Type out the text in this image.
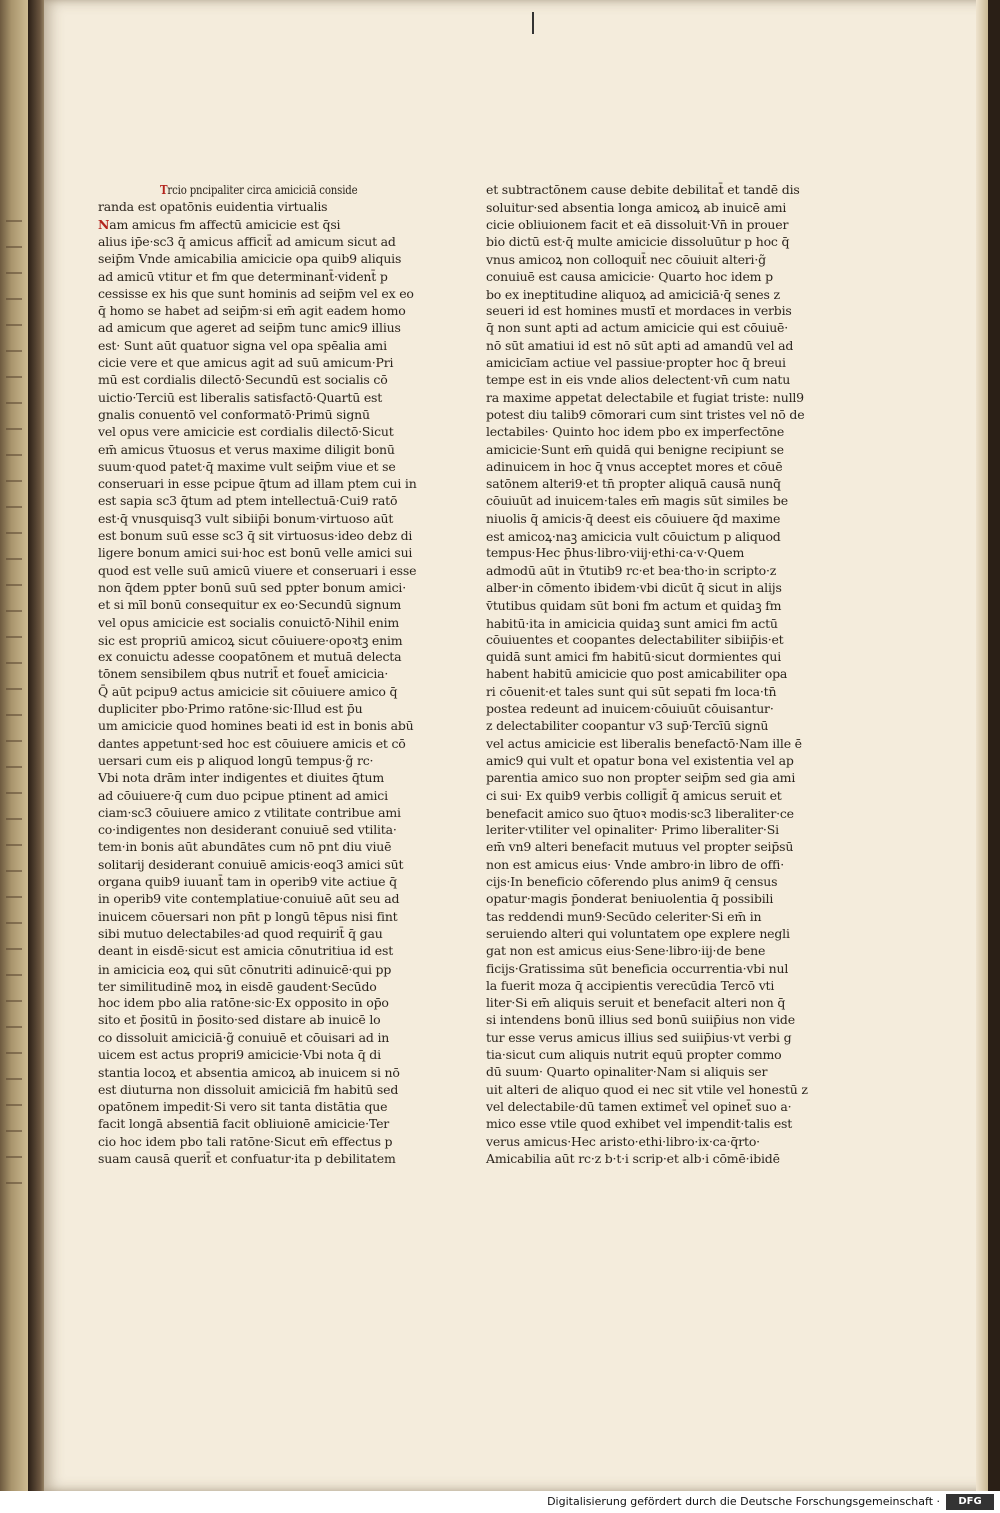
Trcio pncipaliter circa amiciciā conside
randa est opatōnis euidentia virtualis
Nam amicus fm affectū amicicie est q̄si
alius ip̄e·sc3 q̄ amicus afficit̄ ad amicum sicut ad
seip̄m Vnde amicabilia amicicie opa quib9 aliquis
ad amicū vtitur et fm que determinant̄·vident̄ p
cessisse ex his que sunt hominis ad seip̄m vel ex eo
q̄ homo se habet ad seip̄m·si em̄ agit eadem homo
ad amicum que ageret ad seip̄m tunc amic9 illius
est· Sunt aūt quatuor signa vel opa spēalia ami
cicie vere et que amicus agit ad suū amicum·Pri
mū est cordialis dilectō·Secundū est socialis cō
uictio·Terciū est liberalis satisfactō·Quartū est
gnalis conuentō vel conformatō·Primū signū
vel opus vere amicicie est cordialis dilectō·Sicut
em̄ amicus v̄tuosus et verus maxime diligit bonū
suum·quod patet·q̄ maxime vult seip̄m viue et se
conseruari in esse pcipue q̄tum ad illam ptem cui in
est sapia sc3 q̄tum ad ptem intellectuā·Cui9 ratō
est·q̄ vnusquisq3 vult sibiip̄i bonum·virtuoso aūt
est bonum suū esse sc3 q̄ sit virtuosus·ideo debz di
ligere bonum amici sui·hoc est bonū velle amici sui
quod est velle suū amicū viuere et conseruari i esse
non q̄dem ppter bonū suū sed ppter bonum amici·
et si mīl bonū consequitur ex eo·Secundū signum
vel opus amicicie est socialis conuictō·Nihil enim
sic est propriū amicoꝝ sicut cōuiuere·opoꝛtꝫ enim
ex conuictu adesse coopatōnem et mutuā delecta
tōnem sensibilem qbus nutrit̄ et fouet̄ amicicia·
Q̄ aūt pcipu9 actus amicicie sit cōuiuere amico q̄
dupliciter pbo·Primo ratōne·sic·Illud est p̄u
um amicicie quod homines beati id est in bonis abū
dantes appetunt·sed hoc est cōuiuere amicis et cō
uersari cum eis p aliquod longū tempus·g̃ rc·
Vbi nota drām inter indigentes et diuites q̄tum
ad cōuiuere·q̄ cum duo pcipue ptinent ad amici
ciam·sc3 cōuiuere amico z vtilitate contribue ami
co·indigentes non desiderant conuiuē sed vtilita·
tem·in bonis aūt abundātes cum nō pnt diu viuē
solitarij desiderant conuiuē amicis·eoq3 amici sūt
organa quib9 iuuant̄ tam in operib9 vite actiue q̄
in operib9 vite contemplatiue·conuiuē aūt seu ad
inuicem cōuersari non pn̄t p longū tēpus nisi fint
sibi mutuo delectabiles·ad quod requirit̄ q̄ gau
deant in eisdē·sicut est amicia cōnutritiua id est
in amicicia eoꝝ qui sūt cōnutriti adinuicē·qui pp
ter similitudinē moꝝ in eisdē gaudent·Secūdo
hoc idem pbo alia ratōne·sic·Ex opposito in op̄o
sito et p̄ositū in p̄osito·sed distare ab inuicē lo
co dissoluit amiciciā·g̃ conuiuē et cōuisari ad in
uicem est actus propri9 amicicie·Vbi nota q̄ di
stantia locoꝝ et absentia amicoꝝ ab inuicem si nō
est diuturna non dissoluit amiciciā fm habitū sed
opatōnem impedit·Si vero sit tanta distātia que
facit longā absentiā facit obliuionē amicicie·Ter
cio hoc idem pbo tali ratōne·Sicut em̄ effectus p
suam causā querit̄ et confuatur·ita p debilitatem
et subtractōnem cause debite debilitat̄ et tandē dis
soluitur·sed absentia longa amicoꝝ ab inuicē ami
cicie obliuionem facit et eā dissoluit·Vn̄ in prouer
bio dictū est·q̄ multe amicicie dissoluūtur p hoc q̄
vnus amicoꝝ non colloquit̄ nec cōuiuit alteri·g̃
conuiuē est causa amicicie· Quarto hoc idem p
bo ex ineptitudine aliquoꝝ ad amiciciā·q̄ senes z
seueri id est homines mustī et mordaces in verbis
q̄ non sunt apti ad actum amicicie qui est cōuiuē·
nō sūt amatiui id est nō sūt apti ad amandū vel ad
amicicīam actiue vel passiue·propter hoc q̄ breui
tempe est in eis vnde alios delectent·vn̄ cum natu
ra maxime appetat delectabile et fugiat triste: null9
potest diu talib9 cōmorari cum sint tristes vel nō de
lectabiles· Quinto hoc idem pbo ex imperfectōne
amicicie·Sunt em̄ quidā qui benigne recipiunt se
adinuicem in hoc q̄ vnus acceptet mores et cōuē
satōnem alteri9·et tn̄ propter aliquā causā nunq̄
cōuiuūt ad inuicem·tales em̄ magis sūt similes be
niuolis q̄ amicis·q̄ deest eis cōuiuere q̄d maxime
est amicoꝝ·naꝫ amicicia vult cōuictum p aliquod
tempus·Hec p̄hus·libro·viij·ethi·ca·v·Quem
admodū aūt in v̄tutib9 rc·et bea·tho·in scripto·z
alber·in cōmento ibidem·vbi dicūt q̄ sicut in alijs
v̄tutibus quidam sūt boni fm actum et quidaꝫ fm
habitū·ita in amicicia quidaꝫ sunt amici fm actū
cōuiuentes et coopantes delectabiliter sibiip̄is·et
quidā sunt amici fm habitū·sicut dormientes qui
habent habitū amicicie quo post amicabiliter opa
ri cōuenit·et tales sunt qui sūt sepati fm loca·tn̄
postea redeunt ad inuicem·cōuiuūt cōuisantur·
z delectabiliter coopantur v3 sup̄·Tercīū signū
vel actus amicicie est liberalis benefactō·Nam ille ē
amic9 qui vult et opatur bona vel existentia vel ap
parentia amico suo non propter seip̄m sed gia ami
ci sui· Ex quib9 verbis colligit̄ q̄ amicus seruit et
benefacit amico suo q̄tuoꝛ modis·sc3 liberaliter·ce
leriter·vtiliter vel opinaliter· Primo liberaliter·Si
em̄ vn9 alteri benefacit mutuus vel propter seip̄sū
non est amicus eius· Vnde ambro·in libro de offi·
cijs·In beneficio cōferendo plus anim9 q̄ census
opatur·magis p̄onderat beniuolentia q̄ possibili
tas reddendi mun9·Secūdo celeriter·Si em̄ in
seruiendo alteri qui voluntatem ope explere negli
gat non est amicus eius·Sene·libro·iij·de bene
ficijs·Gratissima sūt beneficia occurrentia·vbi nul
la fuerit moza q̄ accipientis verecūdia Tercō vti
liter·Si em̄ aliquis seruit et benefacit alteri non q̄
si intendens bonū illius sed bonū suiip̄ius non vide
tur esse verus amicus illius sed suiip̄ius·vt verbi g
tia·sicut cum aliquis nutrit equū propter commo
dū suum· Quarto opinaliter·Nam si aliquis ser
uit alteri de aliquo quod ei nec sit vtile vel honestū z
vel delectabile·dū tamen extimet̄ vel opinet̄ suo a·
mico esse vtile quod exhibet vel impendit·talis est
verus amicus·Hec aristo·ethi·libro·ix·ca·q̄rto·
Amicabilia aūt rc·z b·t·i scrip·et alb·i cōmē·ibidē
Digitalisierung gefördert durch die Deutsche Forschungsgemeinschaft ·	DFG
